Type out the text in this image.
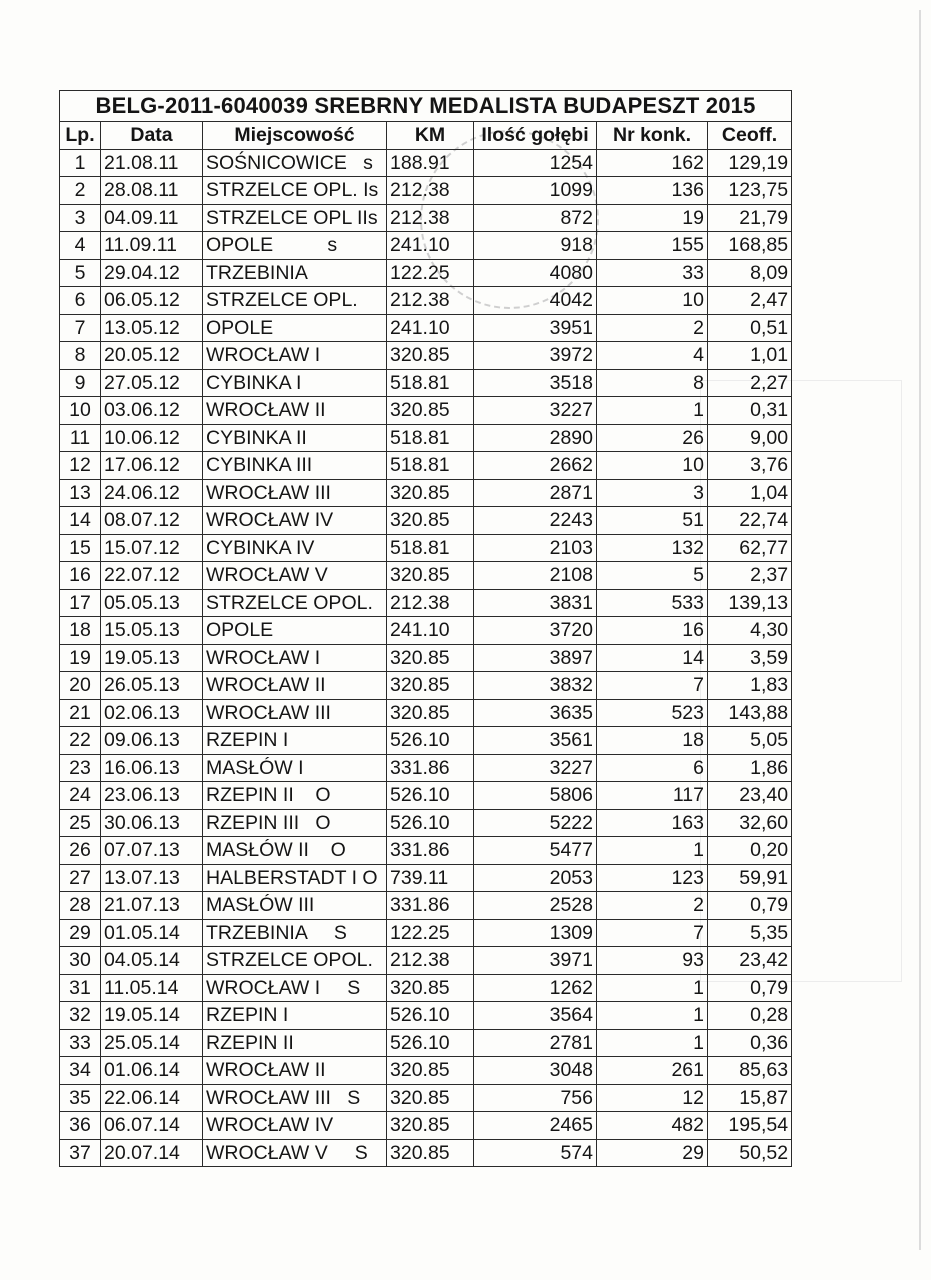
BELG-2011-6040039 SREBRNY MEDALISTA BUDAPESZT 2015						
Lp.	Data	Miejscowość	KM	Ilość gołębi	Nr konk.	Ceoff.
1	21.08.11	SOŚNICOWICE   s	188.91	1254	162	129,19
2	28.08.11	STRZELCE OPL. Is	212.38	1099	136	123,75
3	04.09.11	STRZELCE OPL IIs	212.38	872	19	21,79
4	11.09.11	OPOLE          s	241.10	918	155	168,85
5	29.04.12	TRZEBINIA	122.25	4080	33	8,09
6	06.05.12	STRZELCE OPL.	212.38	4042	10	2,47
7	13.05.12	OPOLE	241.10	3951	2	0,51
8	20.05.12	WROCŁAW I	320.85	3972	4	1,01
9	27.05.12	CYBINKA I	518.81	3518	8	2,27
10	03.06.12	WROCŁAW II	320.85	3227	1	0,31
11	10.06.12	CYBINKA II	518.81	2890	26	9,00
12	17.06.12	CYBINKA III	518.81	2662	10	3,76
13	24.06.12	WROCŁAW III	320.85	2871	3	1,04
14	08.07.12	WROCŁAW IV	320.85	2243	51	22,74
15	15.07.12	CYBINKA IV	518.81	2103	132	62,77
16	22.07.12	WROCŁAW V	320.85	2108	5	2,37
17	05.05.13	STRZELCE OPOL.	212.38	3831	533	139,13
18	15.05.13	OPOLE	241.10	3720	16	4,30
19	19.05.13	WROCŁAW I	320.85	3897	14	3,59
20	26.05.13	WROCŁAW II	320.85	3832	7	1,83
21	02.06.13	WROCŁAW III	320.85	3635	523	143,88
22	09.06.13	RZEPIN I	526.10	3561	18	5,05
23	16.06.13	MASŁÓW I	331.86	3227	6	1,86
24	23.06.13	RZEPIN II    O	526.10	5806	117	23,40
25	30.06.13	RZEPIN III   O	526.10	5222	163	32,60
26	07.07.13	MASŁÓW II    O	331.86	5477	1	0,20
27	13.07.13	HALBERSTADT I O	739.11	2053	123	59,91
28	21.07.13	MASŁÓW III	331.86	2528	2	0,79
29	01.05.14	TRZEBINIA     S	122.25	1309	7	5,35
30	04.05.14	STRZELCE OPOL.	212.38	3971	93	23,42
31	11.05.14	WROCŁAW I     S	320.85	1262	1	0,79
32	19.05.14	RZEPIN I	526.10	3564	1	0,28
33	25.05.14	RZEPIN II	526.10	2781	1	0,36
34	01.06.14	WROCŁAW II	320.85	3048	261	85,63
35	22.06.14	WROCŁAW III   S	320.85	756	12	15,87
36	06.07.14	WROCŁAW IV	320.85	2465	482	195,54
37	20.07.14	WROCŁAW V     S	320.85	574	29	50,52
